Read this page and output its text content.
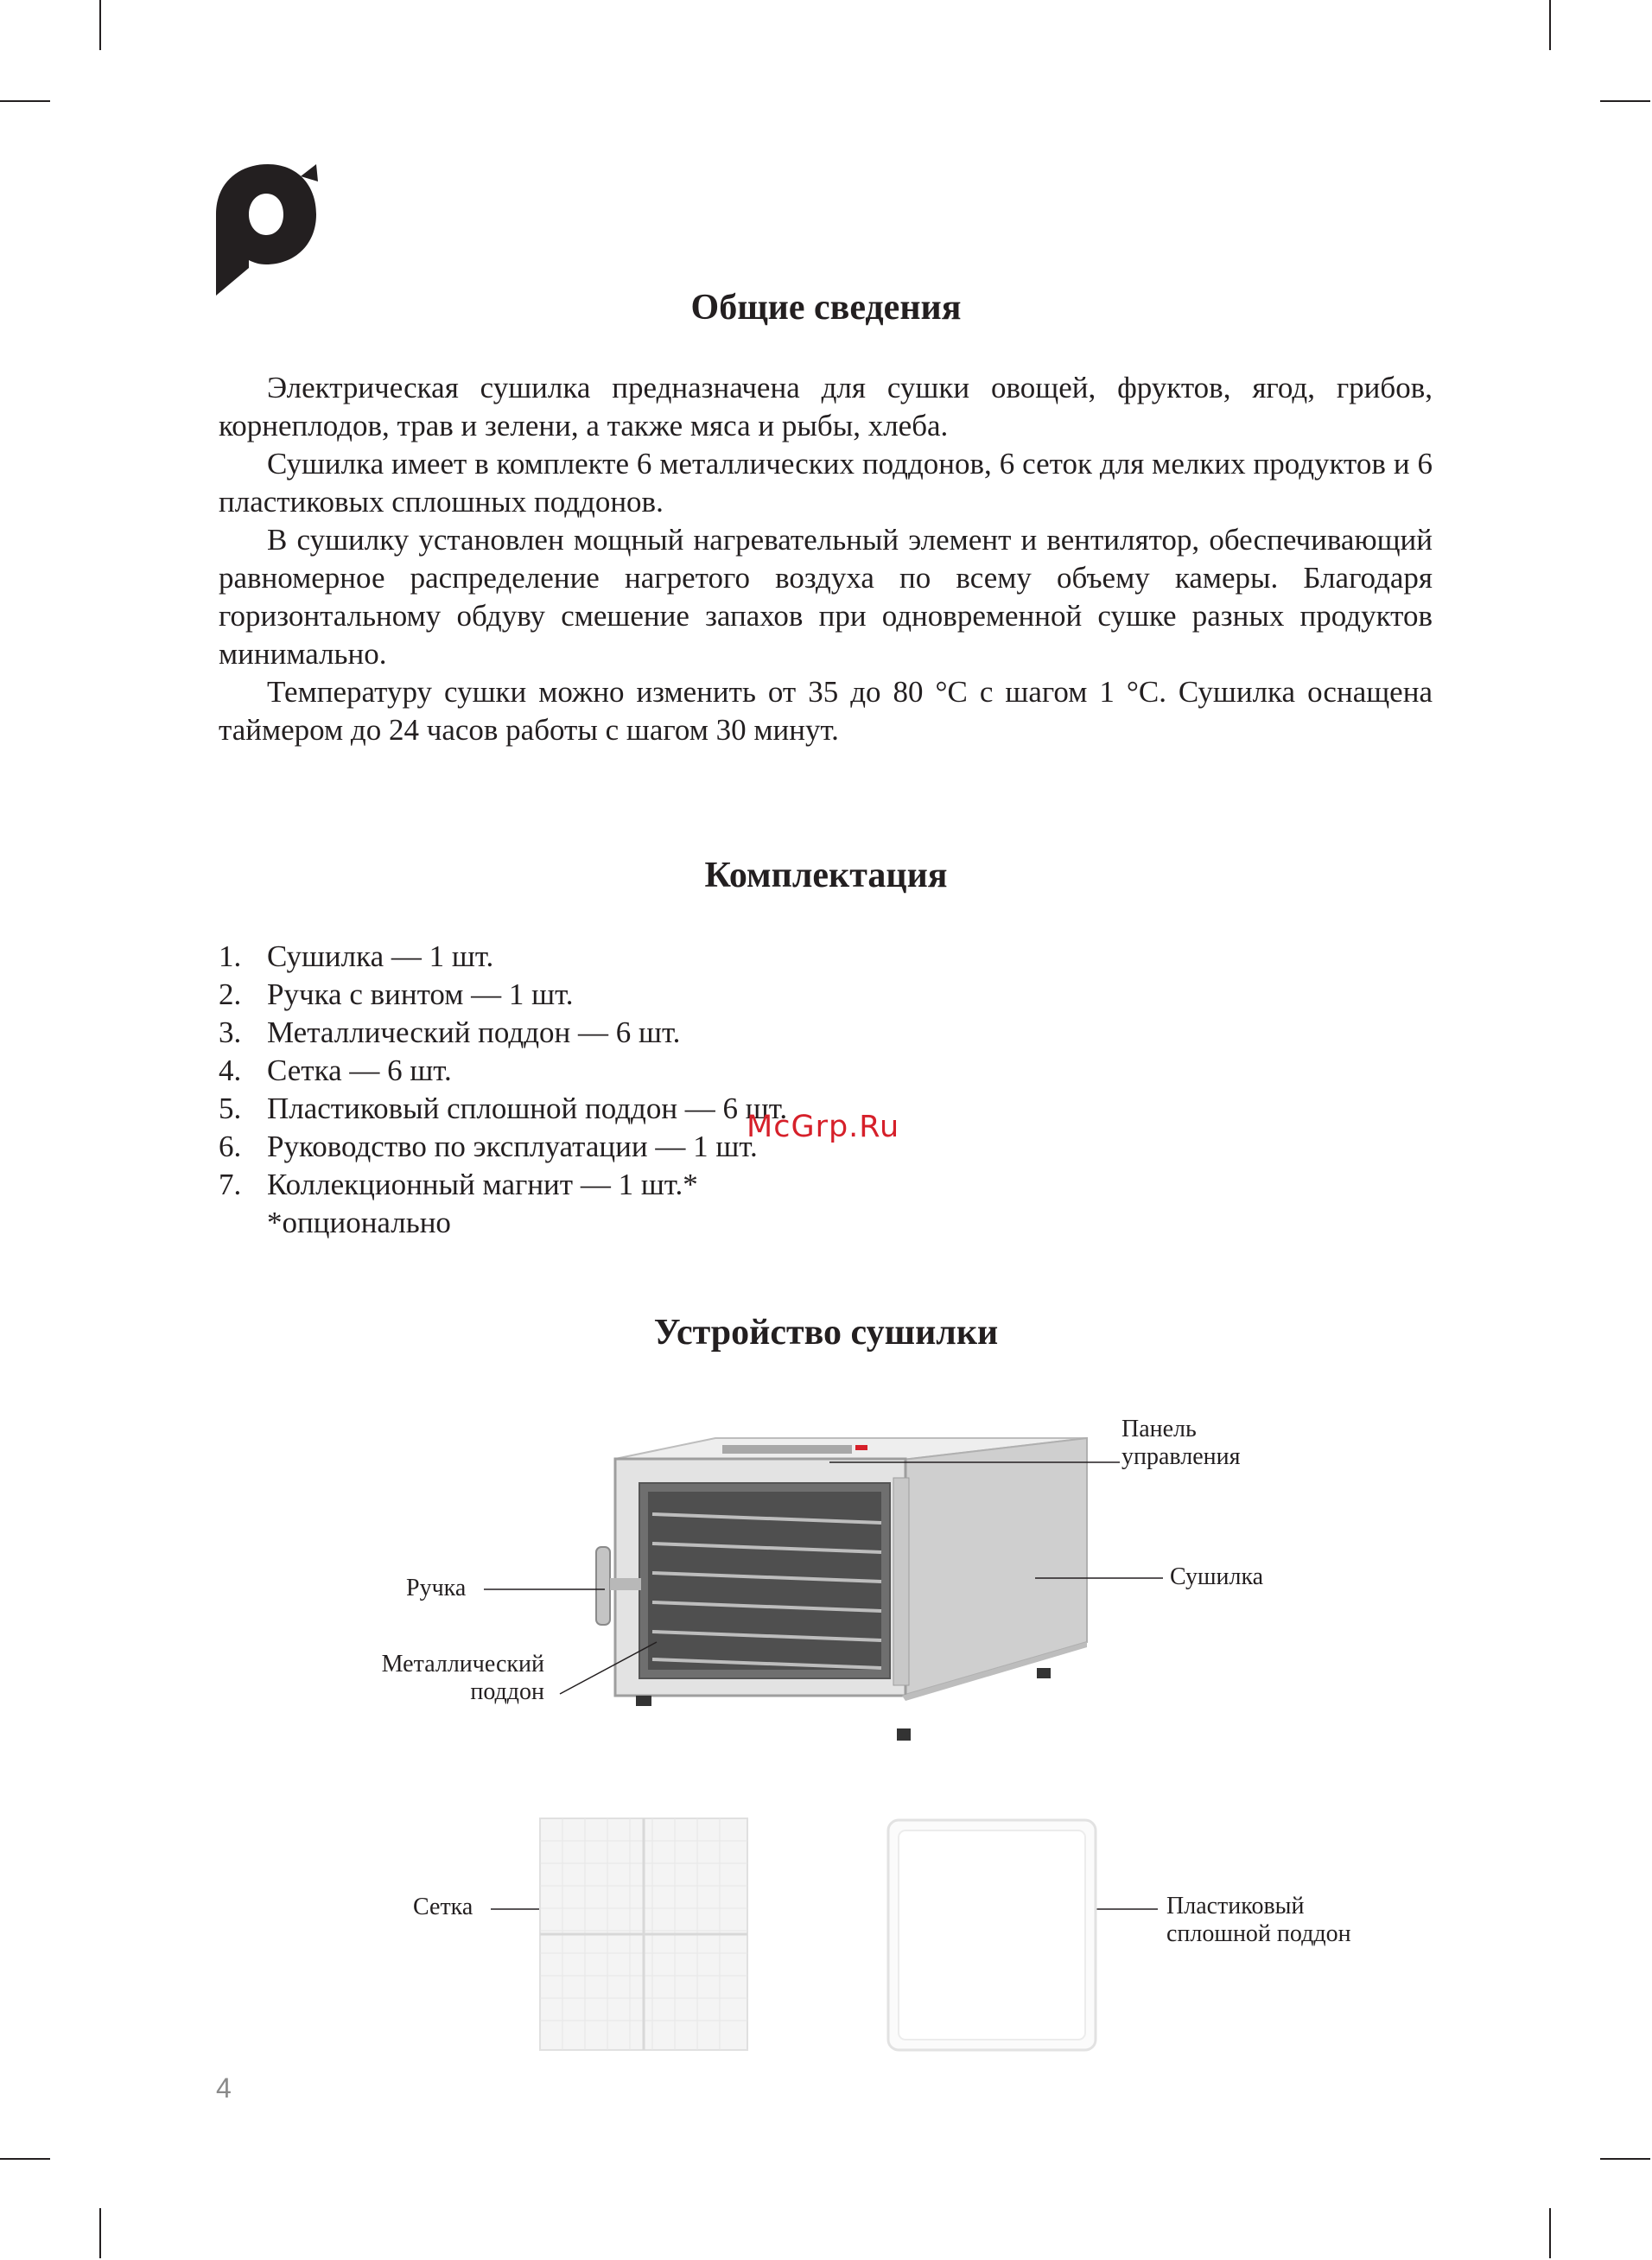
Общие сведения

Электрическая сушилка предназначена для сушки овощей, фруктов, ягод, грибов, корнеплодов, трав и зелени, а также мяса и рыбы, хлеба.

Сушилка имеет в комплекте 6 металлических поддонов, 6 сеток для мелких продуктов и 6 пластиковых сплошных поддонов.

В сушилку установлен мощный нагревательный элемент и вентилятор, обеспечивающий равномерное распределение нагретого воздуха по всему объему камеры. Благодаря горизонтальному обдуву смешение запахов при одновременной сушке разных продуктов минимально.

Температуру сушки можно изменить от 35 до 80 °С с шагом 1 °С. Сушилка оснащена таймером до 24 часов работы с шагом 30 минут.

Комплектация
1. Сушилка — 1 шт.
2. Ручка с винтом — 1 шт.
3. Металлический поддон — 6 шт.
4. Сетка — 6 шт.
5. Пластиковый сплошной поддон — 6 шт.
6. Руководство по эксплуатации — 1 шт.
7. Коллекционный магнит — 1 шт.*
*опционально
McGrp.Ru
Устройство сушилки
Панель
управления
Сушилка
Ручка
Металлический
поддон
Сетка	Пластиковый
сплошной поддон
4
